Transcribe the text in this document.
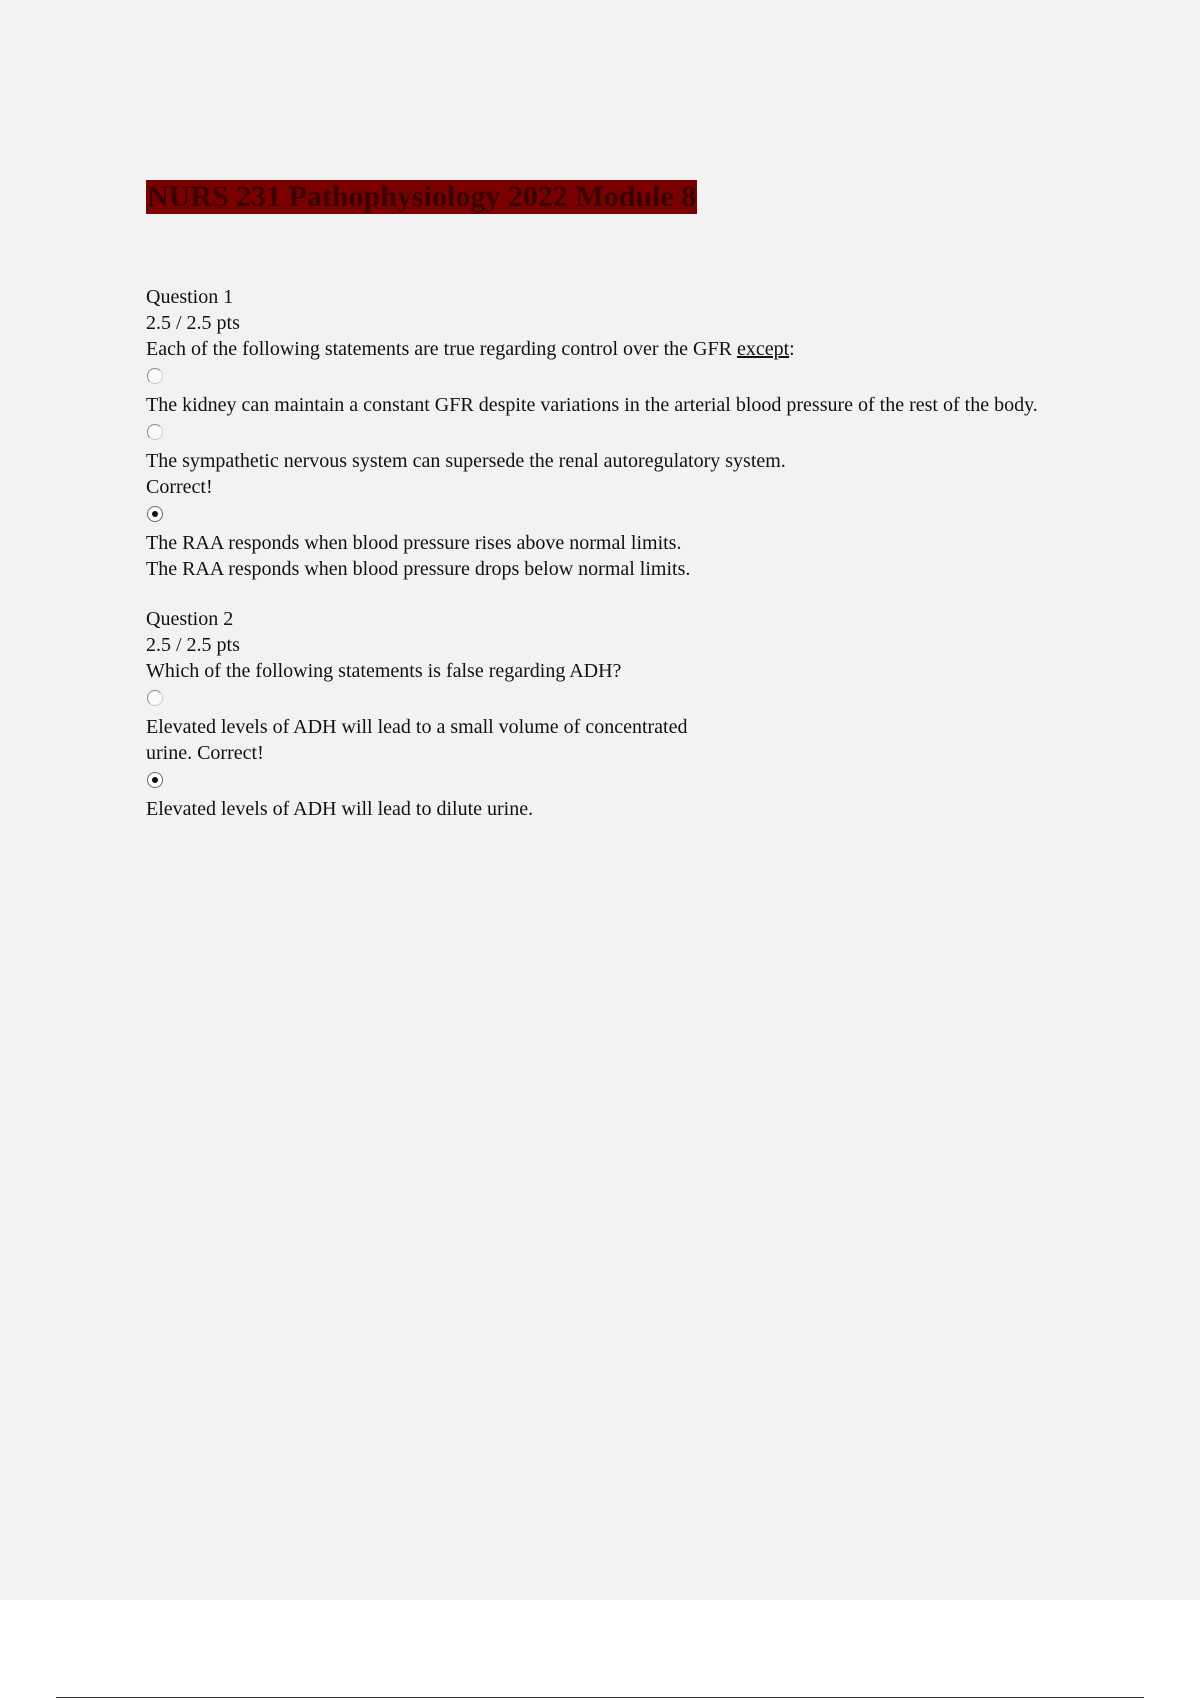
NURS 231 Pathophysiology 2022 Module 8
Question 1
2.5 / 2.5 pts
Each of the following statements are true regarding control over the GFR except:
The kidney can maintain a constant GFR despite variations in the arterial blood pressure of the rest of the body.
The sympathetic nervous system can supersede the renal autoregulatory system.
Correct!
The RAA responds when blood pressure rises above normal limits.
The RAA responds when blood pressure drops below normal limits.
Question 2
2.5 / 2.5 pts
Which of the following statements is false regarding ADH?
Elevated levels of ADH will lead to a small volume of concentrated urine. Correct!
Elevated levels of ADH will lead to dilute urine.
